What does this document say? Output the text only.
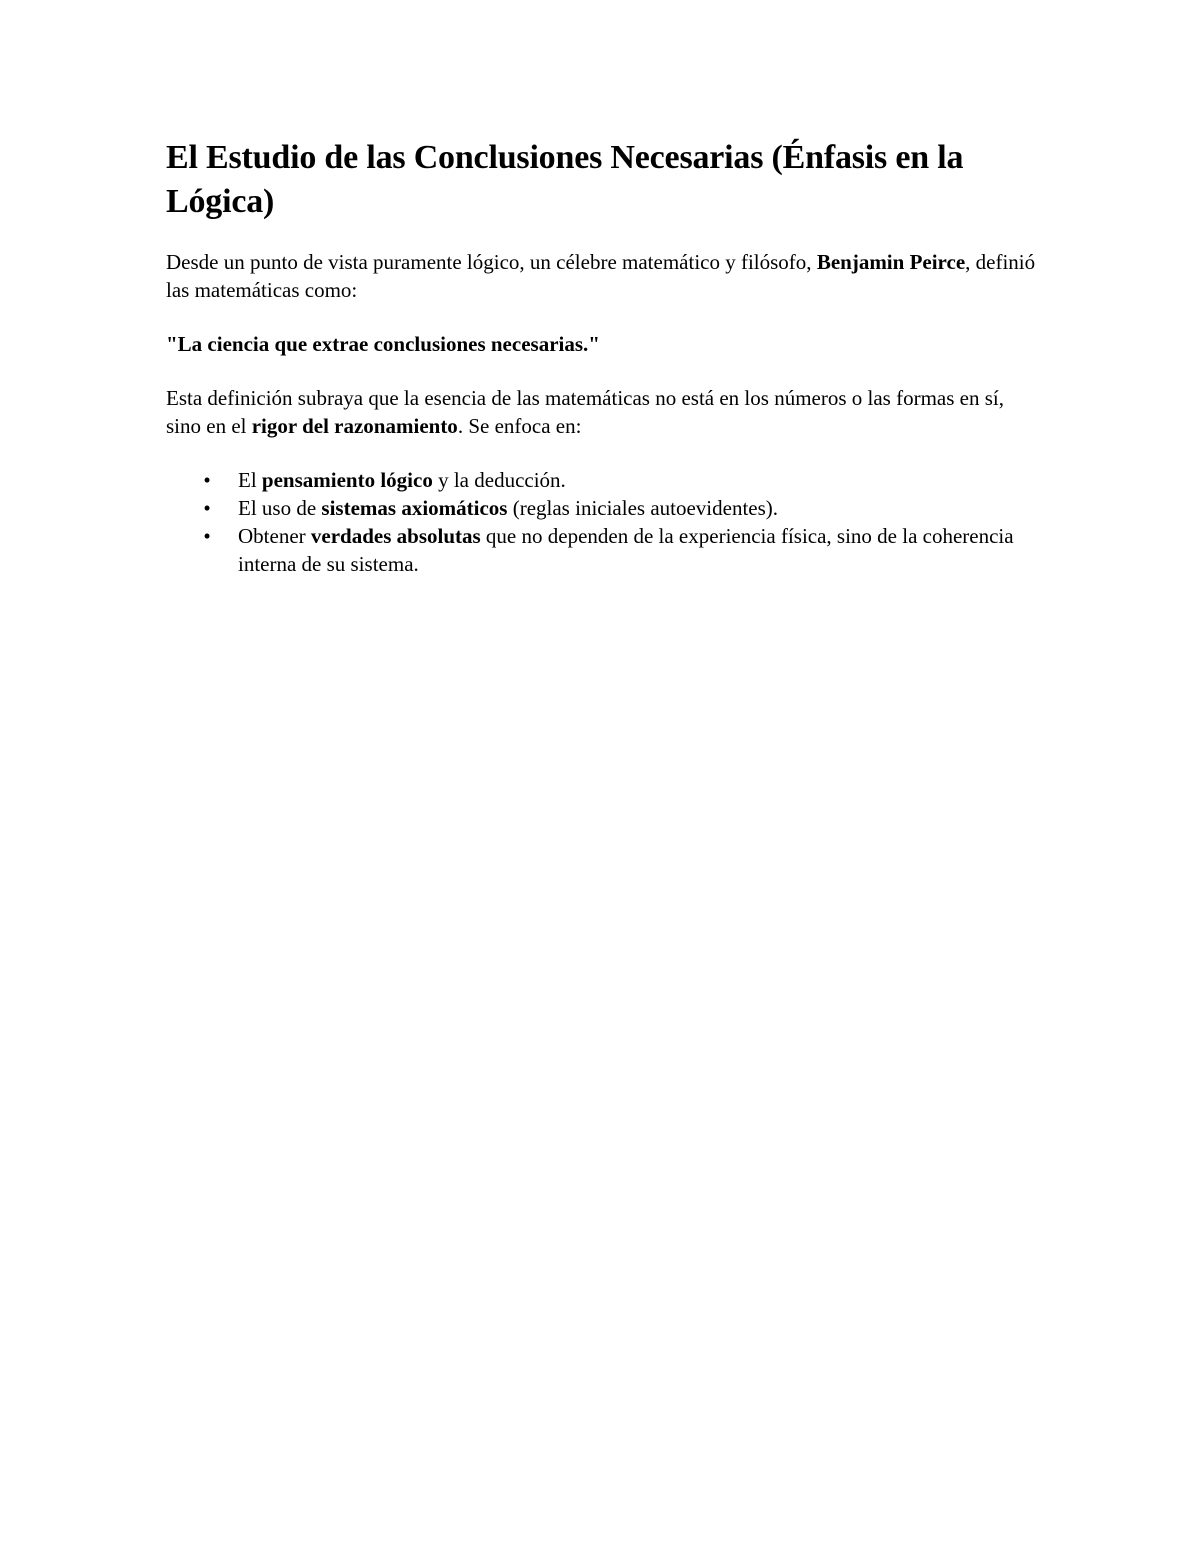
El Estudio de las Conclusiones Necesarias (Énfasis en la Lógica)

Desde un punto de vista puramente lógico, un célebre matemático y filósofo, Benjamin Peirce, definió las matemáticas como:

"La ciencia que extrae conclusiones necesarias."

Esta definición subraya que la esencia de las matemáticas no está en los números o las formas en sí, sino en el rigor del razonamiento. Se enfoca en:

• El pensamiento lógico y la deducción.
• El uso de sistemas axiomáticos (reglas iniciales autoevidentes).
• Obtener verdades absolutas que no dependen de la experiencia física, sino de la coherencia interna de su sistema.
